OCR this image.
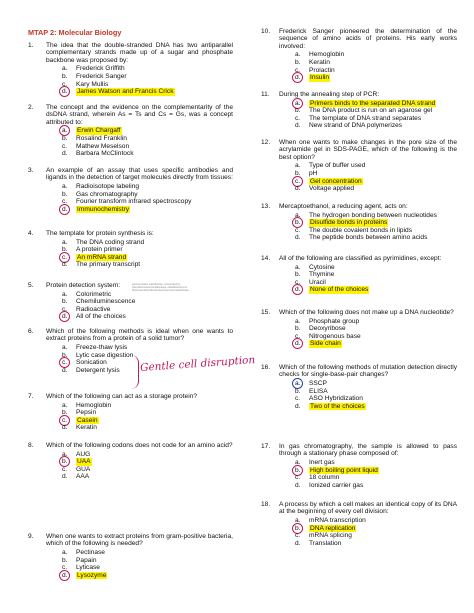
MTAP 2: Molecular Biology
1. The idea that the double-stranded DNA has two antiparallel complementary strands made up of a sugar and phosphate backbone was proposed by:
a.	Frederick Griffith
b.	Frederick Sanger
c.	Kary Mullis
d.	James Watson and Francis Crick
2. The concept and the evidence on the complementarity of the dsDNA strand, wherein As = Ts and Cs = Gs, was a concept attributed to:
a.	Erwin Chargaff
b.	Rosalind Franklin
c.	Mathew Meselson
d.	Barbara McClintock
3. An example of an assay that uses specific antibodies and ligands in the detection of target molecules directly from tissues:
a.	Radioisotope labeling
b.	Gas chromatography
c.	Fourier transform infrared spectroscopy
d.	Immunochemistry
4. The template for protein synthesis is:
a.	The DNA coding strand
b.	A protein primer
c.	An mRNA strand
d.	The primary transcript
5. Protein detection system:
a.	Colorimetric
b.	Chemiluminescence
c.	Radioactive
d.	All of the choices
6. Which of the following methods is ideal when one wants to extract proteins from a protein of a solid tumor?
a.	Freeze-thaw lysis
b.	Lytic case digestion
c.	Sonication
d.	Detergent lysis
7. Which of the following can act as a storage protein?
a.	Hemoglobin
b.	Pepsin
c.	Casein
d.	Keratin
8. Which of the following codons does not code for an amino acid?
a.	AUG
b.	UAA
c.	GUA
d.	AAA
9. When one wants to extract proteins from gram-positive bacteria, which of the following is needed?
a.	Pectinase
b.	Papain
c.	Lyticase
d.	Lysozyme
Gamma-linked, carbohydrate, cross-linked by, Chemiluminescence/radiopaque, radiolabel/enzyme. Fluorescent/chemiluminescence/enzyme/radioisotope.
Gentle cell disruption
10. Frederick Sanger pioneered the determination of the sequence of amino acids of proteins. His early works involved:
a.	Hemoglobin
b.	Keratin
c.	Prolactin
d.	Insulin
11. During the annealing step of PCR:
a.	Primers binds to the separated DNA strand
b.	The DNA product is run on an agarose gel
c.	The template of DNA strand separates
d.	New strand of DNA polymerizes
12. When one wants to make changes in the pore size of the acrylamide gel in SDS-PAGE, which of the following is the best option?
a.	Type of buffer used
b.	pH
c.	Gel concentration
d.	Voltage applied
13. Mercaptoethanol, a reducing agent, acts on:
a.	The hydrogen bonding between nucleotides
b.	Disulfide bonds in proteins
c.	The double covalent bonds in lipids
d.	The peptide bonds between amino acids
14. All of the following are classified as pyrimidines, except:
a.	Cytosine
b.	Thymine
c.	Uracil
d.	None of the choices
15. Which of the following does not make up a DNA nucleotide?
a.	Phosphate group
b.	Deoxyribose
c.	Nitrogenous base
d.	Side chain
16. Which of the following methods of mutation detection directly checks for single-base-pair changes?
a.	SSCP
b.	ELISA
c.	ASO Hybridization
d.	Two of the choices
17. In gas chromatography, the sample is allowed to pass through a stationary phase composed of:
a.	Inert gas
b.	High boiling point liquid
c.	18 column
d.	Ionized carrier gas
18. A process by which a cell makes an identical copy of its DNA at the beginning of every cell division:
a.	mRNA transcription
b.	DNA replication
c.	mRNA splicing
d.	Translation
